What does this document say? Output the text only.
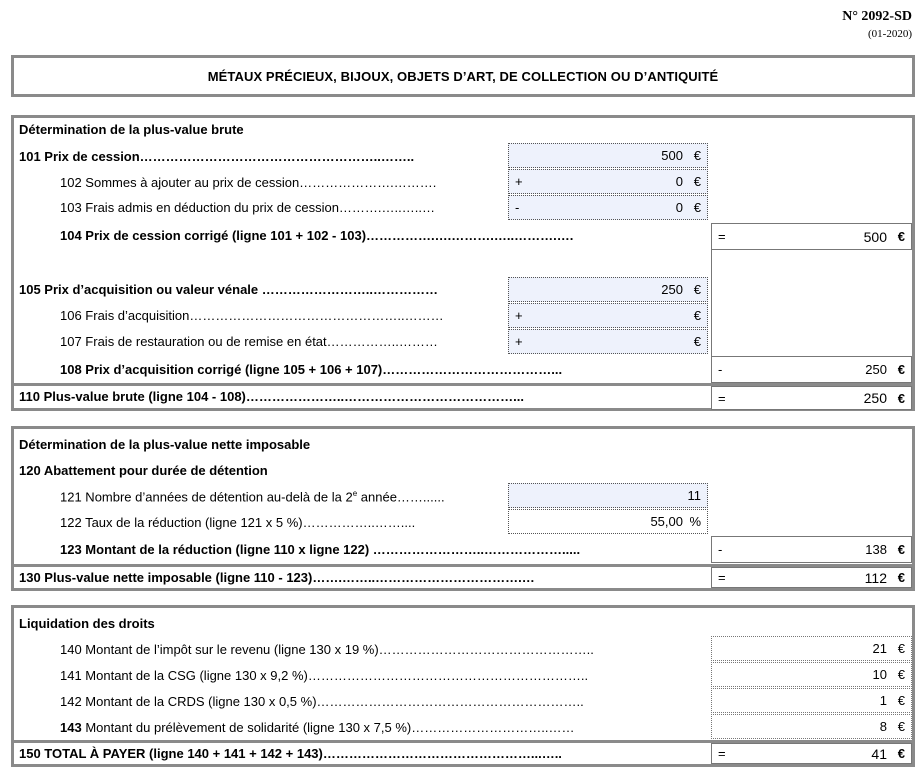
N° 2092-SD
(01-2020)
MÉTAUX PRÉCIEUX, BIJOUX, OBJETS D’ART, DE COLLECTION OU D’ANTIQUITÉ
Détermination de la plus-value brute
101 Prix de cession………………………………………………..……..	500 €
102 Sommes à ajouter au prix de cession………………….……….	+	0 €
103 Frais admis en déduction du prix de cession……….…..…..…	-	0 €
104 Prix de cession corrigé (ligne 101 + 102 - 103)…………….….……….…..……….….	=	500 €
105 Prix d’acquisition ou valeur vénale ……………………..……………	250 €
106 Frais d’acquisition…………………………………………..………	+	€
107 Frais de restauration ou de remise en état……………..………	+	€
108 Prix d’acquisition corrigé (ligne 105 + 106 + 107)…………………………………...	-	250 €
110 Plus-value brute (ligne 104 - 108)…………………..…………………………………...	=	250 €
Détermination de la plus-value nette imposable
120 Abattement pour durée de détention
121 Nombre d’années de détention au-delà de la 2e année……......	11
122 Taux de la réduction (ligne 121 x 5 %)……………..……....	55,00 %
123 Montant de la réduction (ligne 110 x ligne 122) ……………………..……………….....	-	138 €
130 Plus-value nette imposable (ligne 110 - 123)…….……..…………………………….…	=	112 €
Liquidation des droits
140 Montant de l’impôt sur le revenu (ligne 130 x 19 %)…………………………………………..	21 €
141 Montant de la CSG (ligne 130 x 9,2 %)………………………………………………………..	10 €
142 Montant de la CRDS (ligne 130 x 0,5 %)……………………………………………………..	1 €
143 Montant du prélèvement de solidarité (ligne 130 x 7,5 %)…………………………..……	8 €
150 TOTAL À PAYER (ligne 140 + 141 + 142 + 143)…………………………………………...…..	=	41 €
